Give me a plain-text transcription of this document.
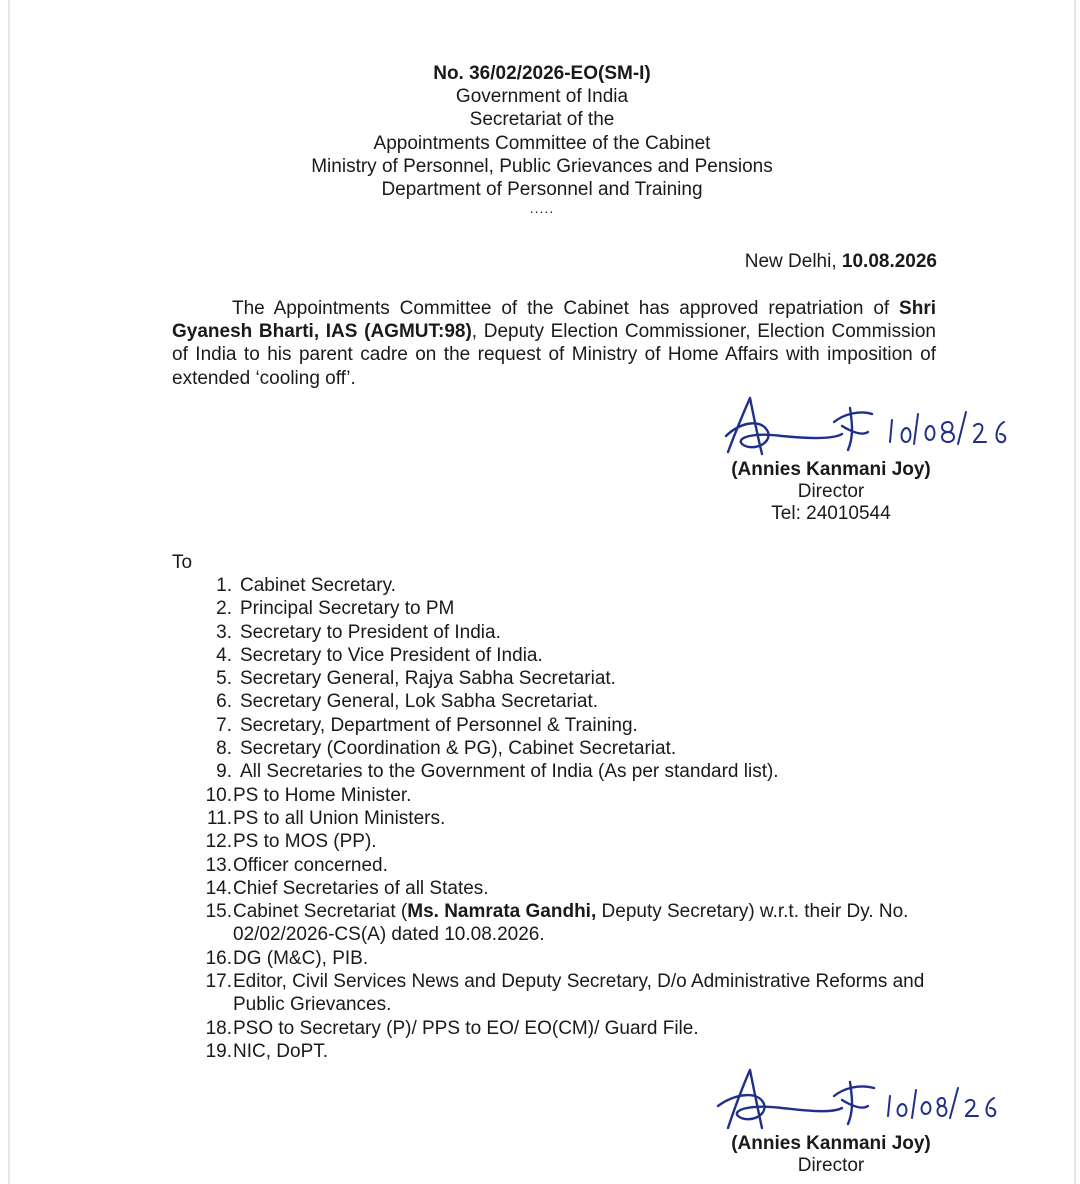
No. 36/02/2026-EO(SM-I)
Government of India
Secretariat of the
Appointments Committee of the Cabinet
Ministry of Personnel, Public Grievances and Pensions
Department of Personnel and Training
.....
New Delhi, 10.08.2026
The Appointments Committee of the Cabinet has approved repatriation of Shri Gyanesh Bharti, IAS (AGMUT:98), Deputy Election Commissioner, Election Commission of India to his parent cadre on the request of Ministry of Home Affairs with imposition of extended ‘cooling off’.
(Annies Kanmani Joy)
Director
Tel: 24010544
To
1. Cabinet Secretary.
2. Principal Secretary to PM
3. Secretary to President of India.
4. Secretary to Vice President of India.
5. Secretary General, Rajya Sabha Secretariat.
6. Secretary General, Lok Sabha Secretariat.
7. Secretary, Department of Personnel & Training.
8. Secretary (Coordination & PG), Cabinet Secretariat.
9. All Secretaries to the Government of India (As per standard list).
10. PS to Home Minister.
11. PS to all Union Ministers.
12. PS to MOS (PP).
13. Officer concerned.
14. Chief Secretaries of all States.
15. Cabinet Secretariat (Ms. Namrata Gandhi, Deputy Secretary) w.r.t. their Dy. No. 02/02/2026-CS(A) dated 10.08.2026.
16. DG (M&C), PIB.
17. Editor, Civil Services News and Deputy Secretary, D/o Administrative Reforms and Public Grievances.
18. PSO to Secretary (P)/ PPS to EO/ EO(CM)/ Guard File.
19. NIC, DoPT.
(Annies Kanmani Joy)
Director
